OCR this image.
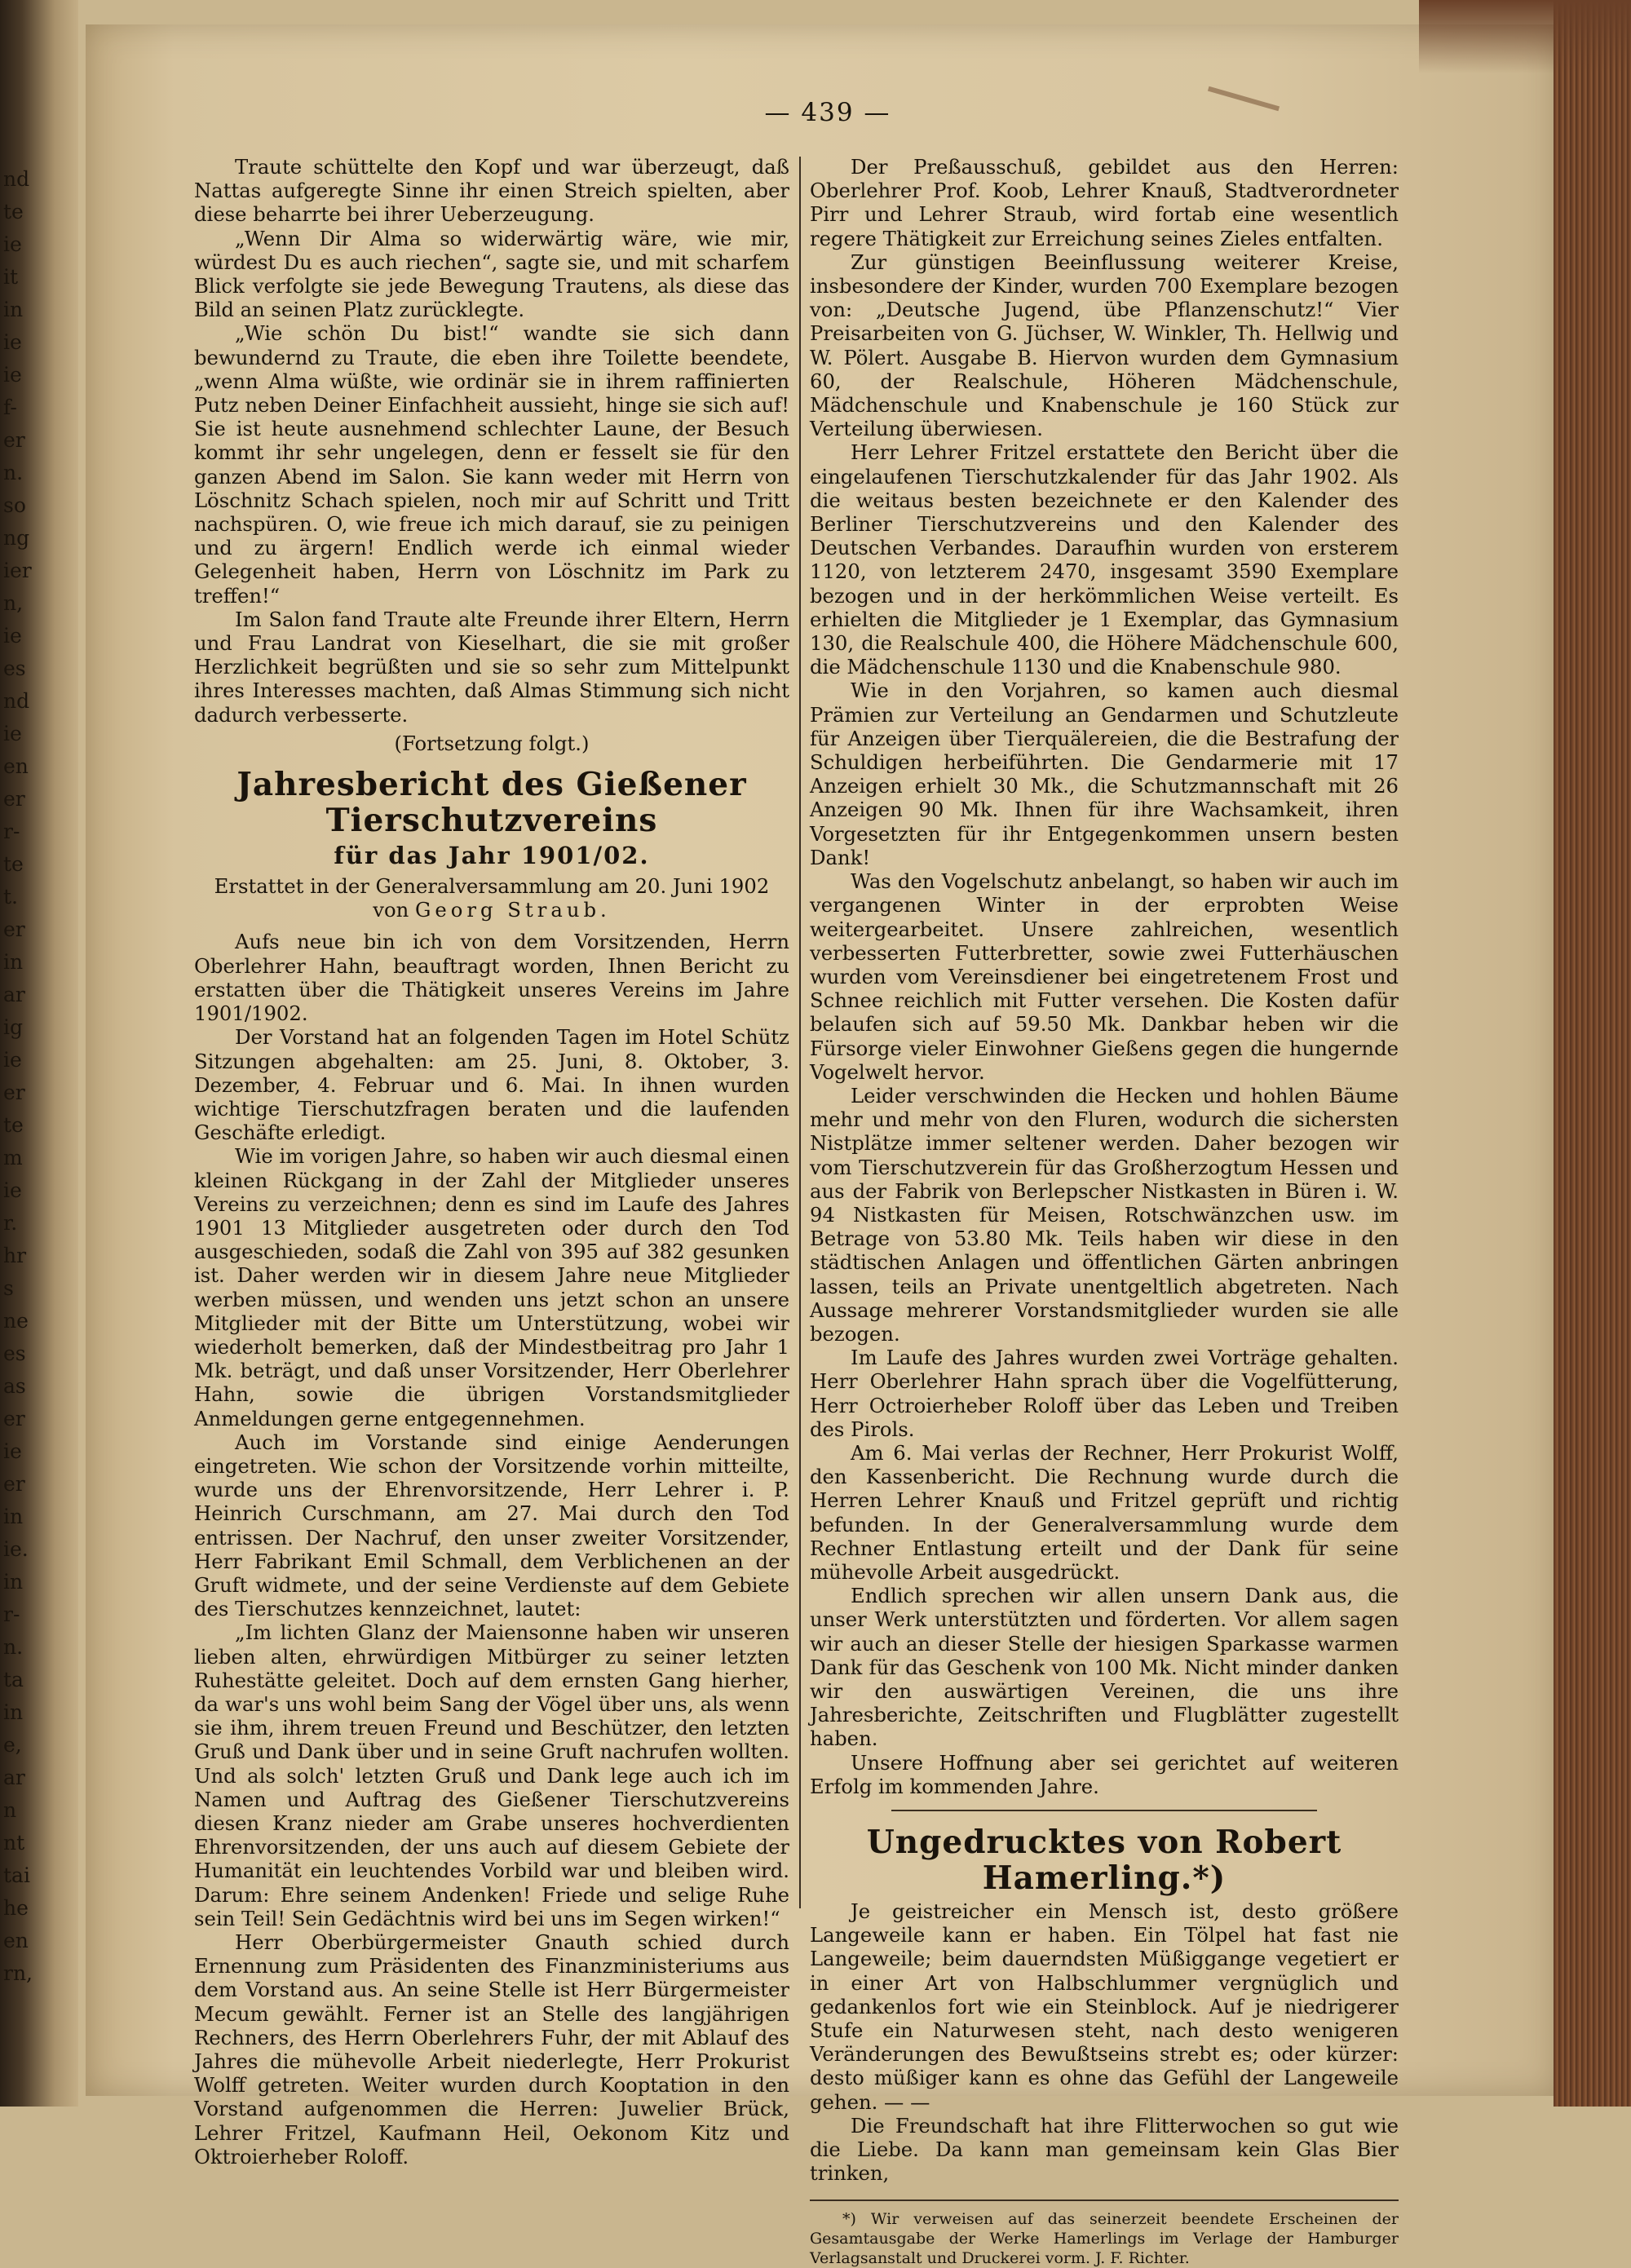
nd
te
ie
it
in
ie
ie
f-
er
n.
so
ng
ier
n,
ie
es
nd
ie
en
er
r-
te
t.
er
in
ar
ig
ie
er
te
m
ie
r.
hr
s
ne
es
as
er
ie
er
in
ie.
in
r-
n.
ta
in
e,
ar
n
nt
tai
he
en
rn,
— 439 —

Traute schüttelte den Kopf und war überzeugt, daß Nattas aufgeregte Sinne ihr einen Streich spielten, aber diese beharrte bei ihrer Ueberzeugung.

„Wenn Dir Alma so widerwärtig wäre, wie mir, würdest Du es auch riechen“, sagte sie, und mit scharfem Blick verfolgte sie jede Bewegung Trautens, als diese das Bild an seinen Platz zurücklegte.

„Wie schön Du bist!“ wandte sie sich dann bewundernd zu Traute, die eben ihre Toilette beendete, „wenn Alma wüßte, wie ordinär sie in ihrem raffinierten Putz neben Deiner Einfachheit aussieht, hinge sie sich auf! Sie ist heute ausnehmend schlechter Laune, der Besuch kommt ihr sehr ungelegen, denn er fesselt sie für den ganzen Abend im Salon. Sie kann weder mit Herrn von Löschnitz Schach spielen, noch mir auf Schritt und Tritt nachspüren. O, wie freue ich mich darauf, sie zu peinigen und zu ärgern! Endlich werde ich einmal wieder Gelegenheit haben, Herrn von Löschnitz im Park zu treffen!“

Im Salon fand Traute alte Freunde ihrer Eltern, Herrn und Frau Landrat von Kieselhart, die sie mit großer Herzlichkeit begrüßten und sie so sehr zum Mittelpunkt ihres Interesses machten, daß Almas Stimmung sich nicht dadurch verbesserte.

(Fortsetzung folgt.)

Jahresbericht des Gießener Tierschutzvereins
für das Jahr 1901/02.
Erstattet in der Generalversammlung am 20. Juni 1902
von Georg Straub.

Aufs neue bin ich von dem Vorsitzenden, Herrn Oberlehrer Hahn, beauftragt worden, Ihnen Bericht zu erstatten über die Thätigkeit unseres Vereins im Jahre 1901/1902.

Der Vorstand hat an folgenden Tagen im Hotel Schütz Sitzungen abgehalten: am 25. Juni, 8. Oktober, 3. Dezember, 4. Februar und 6. Mai. In ihnen wurden wichtige Tierschutzfragen beraten und die laufenden Geschäfte erledigt.

Wie im vorigen Jahre, so haben wir auch diesmal einen kleinen Rückgang in der Zahl der Mitglieder unseres Vereins zu verzeichnen; denn es sind im Laufe des Jahres 1901 13 Mitglieder ausgetreten oder durch den Tod ausgeschieden, sodaß die Zahl von 395 auf 382 gesunken ist. Daher werden wir in diesem Jahre neue Mitglieder werben müssen, und wenden uns jetzt schon an unsere Mitglieder mit der Bitte um Unterstützung, wobei wir wiederholt bemerken, daß der Mindestbeitrag pro Jahr 1 Mk. beträgt, und daß unser Vorsitzender, Herr Oberlehrer Hahn, sowie die übrigen Vorstandsmitglieder Anmeldungen gerne entgegennehmen.

Auch im Vorstande sind einige Aenderungen eingetreten. Wie schon der Vorsitzende vorhin mitteilte, wurde uns der Ehrenvorsitzende, Herr Lehrer i. P. Heinrich Curschmann, am 27. Mai durch den Tod entrissen. Der Nachruf, den unser zweiter Vorsitzender, Herr Fabrikant Emil Schmall, dem Verblichenen an der Gruft widmete, und der seine Verdienste auf dem Gebiete des Tierschutzes kennzeichnet, lautet:

„Im lichten Glanz der Maiensonne haben wir unseren lieben alten, ehrwürdigen Mitbürger zu seiner letzten Ruhestätte geleitet. Doch auf dem ernsten Gang hierher, da war's uns wohl beim Sang der Vögel über uns, als wenn sie ihm, ihrem treuen Freund und Beschützer, den letzten Gruß und Dank über und in seine Gruft nachrufen wollten. Und als solch' letzten Gruß und Dank lege auch ich im Namen und Auftrag des Gießener Tierschutzvereins diesen Kranz nieder am Grabe unseres hochverdienten Ehrenvorsitzenden, der uns auch auf diesem Gebiete der Humanität ein leuchtendes Vorbild war und bleiben wird. Darum: Ehre seinem Andenken! Friede und selige Ruhe sein Teil! Sein Gedächtnis wird bei uns im Segen wirken!“

Herr Oberbürgermeister Gnauth schied durch Ernennung zum Präsidenten des Finanzministeriums aus dem Vorstand aus. An seine Stelle ist Herr Bürgermeister Mecum gewählt. Ferner ist an Stelle des langjährigen Rechners, des Herrn Oberlehrers Fuhr, der mit Ablauf des Jahres die mühevolle Arbeit niederlegte, Herr Prokurist Wolff getreten. Weiter wurden durch Kooptation in den Vorstand aufgenommen die Herren: Juwelier Brück, Lehrer Fritzel, Kaufmann Heil, Oekonom Kitz und Oktroierheber Roloff.

Der Preßausschuß, gebildet aus den Herren: Oberlehrer Prof. Koob, Lehrer Knauß, Stadtverordneter Pirr und Lehrer Straub, wird fortab eine wesentlich regere Thätigkeit zur Erreichung seines Zieles entfalten.

Zur günstigen Beeinflussung weiterer Kreise, insbesondere der Kinder, wurden 700 Exemplare bezogen von: „Deutsche Jugend, übe Pflanzenschutz!“ Vier Preisarbeiten von G. Jüchser, W. Winkler, Th. Hellwig und W. Pölert. Ausgabe B. Hiervon wurden dem Gymnasium 60, der Realschule, Höheren Mädchenschule, Mädchenschule und Knabenschule je 160 Stück zur Verteilung überwiesen.

Herr Lehrer Fritzel erstattete den Bericht über die eingelaufenen Tierschutzkalender für das Jahr 1902. Als die weitaus besten bezeichnete er den Kalender des Berliner Tierschutzvereins und den Kalender des Deutschen Verbandes. Daraufhin wurden von ersterem 1120, von letzterem 2470, insgesamt 3590 Exemplare bezogen und in der herkömmlichen Weise verteilt. Es erhielten die Mitglieder je 1 Exemplar, das Gymnasium 130, die Realschule 400, die Höhere Mädchenschule 600, die Mädchenschule 1130 und die Knabenschule 980.

Wie in den Vorjahren, so kamen auch diesmal Prämien zur Verteilung an Gendarmen und Schutzleute für Anzeigen über Tierquälereien, die die Bestrafung der Schuldigen herbeiführten. Die Gendarmerie mit 17 Anzeigen erhielt 30 Mk., die Schutzmannschaft mit 26 Anzeigen 90 Mk. Ihnen für ihre Wachsamkeit, ihren Vorgesetzten für ihr Entgegenkommen unsern besten Dank!

Was den Vogelschutz anbelangt, so haben wir auch im vergangenen Winter in der erprobten Weise weitergearbeitet. Unsere zahlreichen, wesentlich verbesserten Futterbretter, sowie zwei Futterhäuschen wurden vom Vereinsdiener bei eingetretenem Frost und Schnee reichlich mit Futter versehen. Die Kosten dafür belaufen sich auf 59.50 Mk. Dankbar heben wir die Fürsorge vieler Einwohner Gießens gegen die hungernde Vogelwelt hervor.

Leider verschwinden die Hecken und hohlen Bäume mehr und mehr von den Fluren, wodurch die sichersten Nistplätze immer seltener werden. Daher bezogen wir vom Tierschutzverein für das Großherzogtum Hessen und aus der Fabrik von Berlepscher Nistkasten in Büren i. W. 94 Nistkasten für Meisen, Rotschwänzchen usw. im Betrage von 53.80 Mk. Teils haben wir diese in den städtischen Anlagen und öffentlichen Gärten anbringen lassen, teils an Private unentgeltlich abgetreten. Nach Aussage mehrerer Vorstandsmitglieder wurden sie alle bezogen.

Im Laufe des Jahres wurden zwei Vorträge gehalten. Herr Oberlehrer Hahn sprach über die Vogelfütterung, Herr Octroierheber Roloff über das Leben und Treiben des Pirols.

Am 6. Mai verlas der Rechner, Herr Prokurist Wolff, den Kassenbericht. Die Rechnung wurde durch die Herren Lehrer Knauß und Fritzel geprüft und richtig befunden. In der Generalversammlung wurde dem Rechner Entlastung erteilt und der Dank für seine mühevolle Arbeit ausgedrückt.

Endlich sprechen wir allen unsern Dank aus, die unser Werk unterstützten und förderten. Vor allem sagen wir auch an dieser Stelle der hiesigen Sparkasse warmen Dank für das Geschenk von 100 Mk. Nicht minder danken wir den auswärtigen Vereinen, die uns ihre Jahresberichte, Zeitschriften und Flugblätter zugestellt haben.

Unsere Hoffnung aber sei gerichtet auf weiteren Erfolg im kommenden Jahre.

Ungedrucktes von Robert Hamerling.*)

Je geistreicher ein Mensch ist, desto größere Langeweile kann er haben. Ein Tölpel hat fast nie Langeweile; beim dauerndsten Müßiggange vegetiert er in einer Art von Halbschlummer vergnüglich und gedankenlos fort wie ein Steinblock. Auf je niedrigerer Stufe ein Naturwesen steht, nach desto wenigeren Veränderungen des Bewußtseins strebt es; oder kürzer: desto müßiger kann es ohne das Gefühl der Langeweile gehen. — —

Die Freundschaft hat ihre Flitterwochen so gut wie die Liebe. Da kann man gemeinsam kein Glas Bier trinken,

*) Wir verweisen auf das seinerzeit beendete Erscheinen der Gesamtausgabe der Werke Hamerlings im Verlage der Hamburger Verlagsanstalt und Druckerei vorm. J. F. Richter.
